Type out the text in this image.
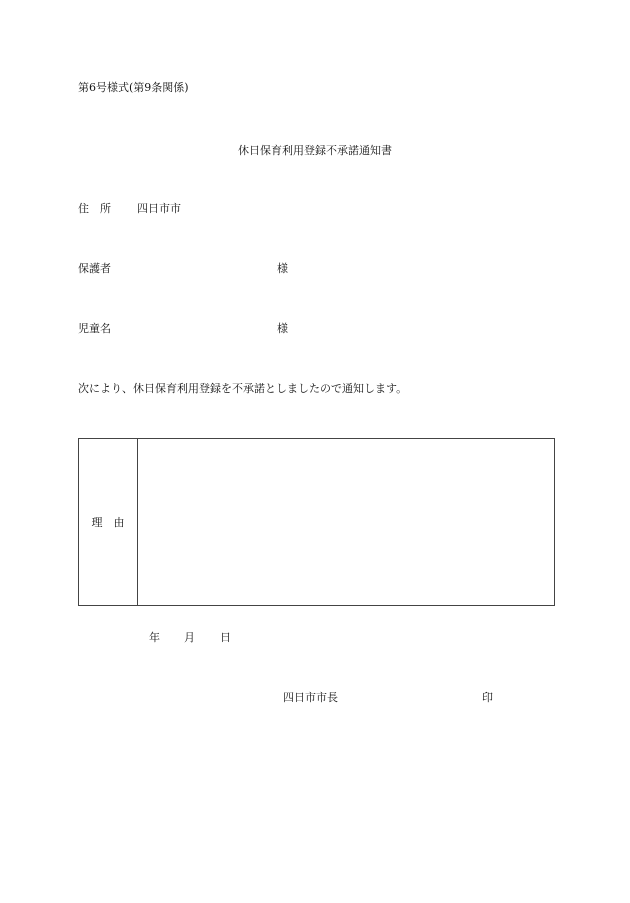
第6号様式(第9条関係)
休日保育利用登録不承諾通知書
住　所 四日市市
保護者	様
児童名	様
次により、休日保育利用登録を不承諾としましたので通知します。
理　由
年 月 日
四日市市長	印
